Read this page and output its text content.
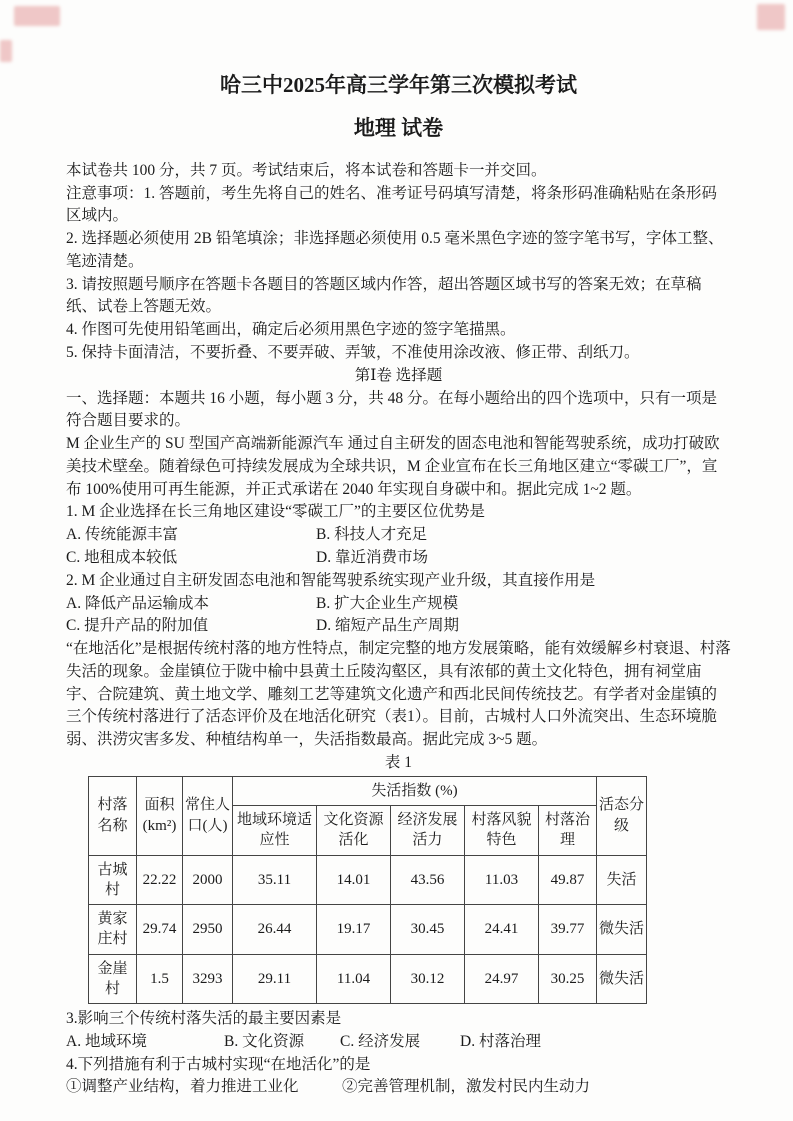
哈三中2025年高三学年第三次模拟考试
地理 试卷

本试卷共 100 分，共 7 页。考试结束后，将本试卷和答题卡一并交回。

注意事项：1. 答题前，考生先将自己的姓名、准考证号码填写清楚，将条形码准确粘贴在条形码区域内。

2. 选择题必须使用 2B 铅笔填涂；非选择题必须使用 0.5 毫米黑色字迹的签字笔书写，字体工整、笔迹清楚。

3. 请按照题号顺序在答题卡各题目的答题区域内作答，超出答题区域书写的答案无效；在草稿纸、试卷上答题无效。

4. 作图可先使用铅笔画出，确定后必须用黑色字迹的签字笔描黑。

5. 保持卡面清洁，不要折叠、不要弄破、弄皱，不准使用涂改液、修正带、刮纸刀。

第Ⅰ卷 选择题

一、选择题：本题共 16 小题，每小题 3 分，共 48 分。在每小题给出的四个选项中，只有一项是符合题目要求的。

M 企业生产的 SU 型国产高端新能源汽车 通过自主研发的固态电池和智能驾驶系统，成功打破欧美技术壁垒。随着绿色可持续发展成为全球共识，M 企业宣布在长三角地区建立“零碳工厂”，宣布 100%使用可再生能源，并正式承诺在 2040 年实现自身碳中和。据此完成 1~2 题。

1. M 企业选择在长三角地区建设“零碳工厂”的主要区位优势是

A. 传统能源丰富	B. 科技人才充足
C. 地租成本较低	D. 靠近消费市场

2. M 企业通过自主研发固态电池和智能驾驶系统实现产业升级，其直接作用是

A. 降低产品运输成本	B. 扩大企业生产规模
C. 提升产品的附加值	D. 缩短产品生产周期

“在地活化”是根据传统村落的地方性特点，制定完整的地方发展策略，能有效缓解乡村衰退、村落失活的现象。金崖镇位于陇中榆中县黄土丘陵沟壑区，具有浓郁的黄土文化特色，拥有祠堂庙宇、合院建筑、黄土地文学、雕刻工艺等建筑文化遗产和西北民间传统技艺。有学者对金崖镇的三个传统村落进行了活态评价及在地活化研究（表1）。目前，古城村人口外流突出、生态环境脆弱、洪涝灾害多发、种植结构单一，失活指数最高。据此完成 3~5 题。

表 1

村落名称	面积 (km²)	常住人口(人)	失活指数 (%)					活态分级
			地域环境适应性	文化资源活化	经济发展活力	村落风貌特色	村落治理	
古城村	22.22	2000	35.11	14.01	43.56	11.03	49.87	失活
黄家庄村	29.74	2950	26.44	19.17	30.45	24.41	39.77	微失活
金崖村	1.5	3293	29.11	11.04	30.12	24.97	30.25	微失活

3.影响三个传统村落失活的最主要因素是

A. 地域环境	B. 文化资源	C. 经济发展	D. 村落治理

4.下列措施有利于古城村实现“在地活化”的是

①调整产业结构，着力推进工业化	②完善管理机制，激发村民内生动力
